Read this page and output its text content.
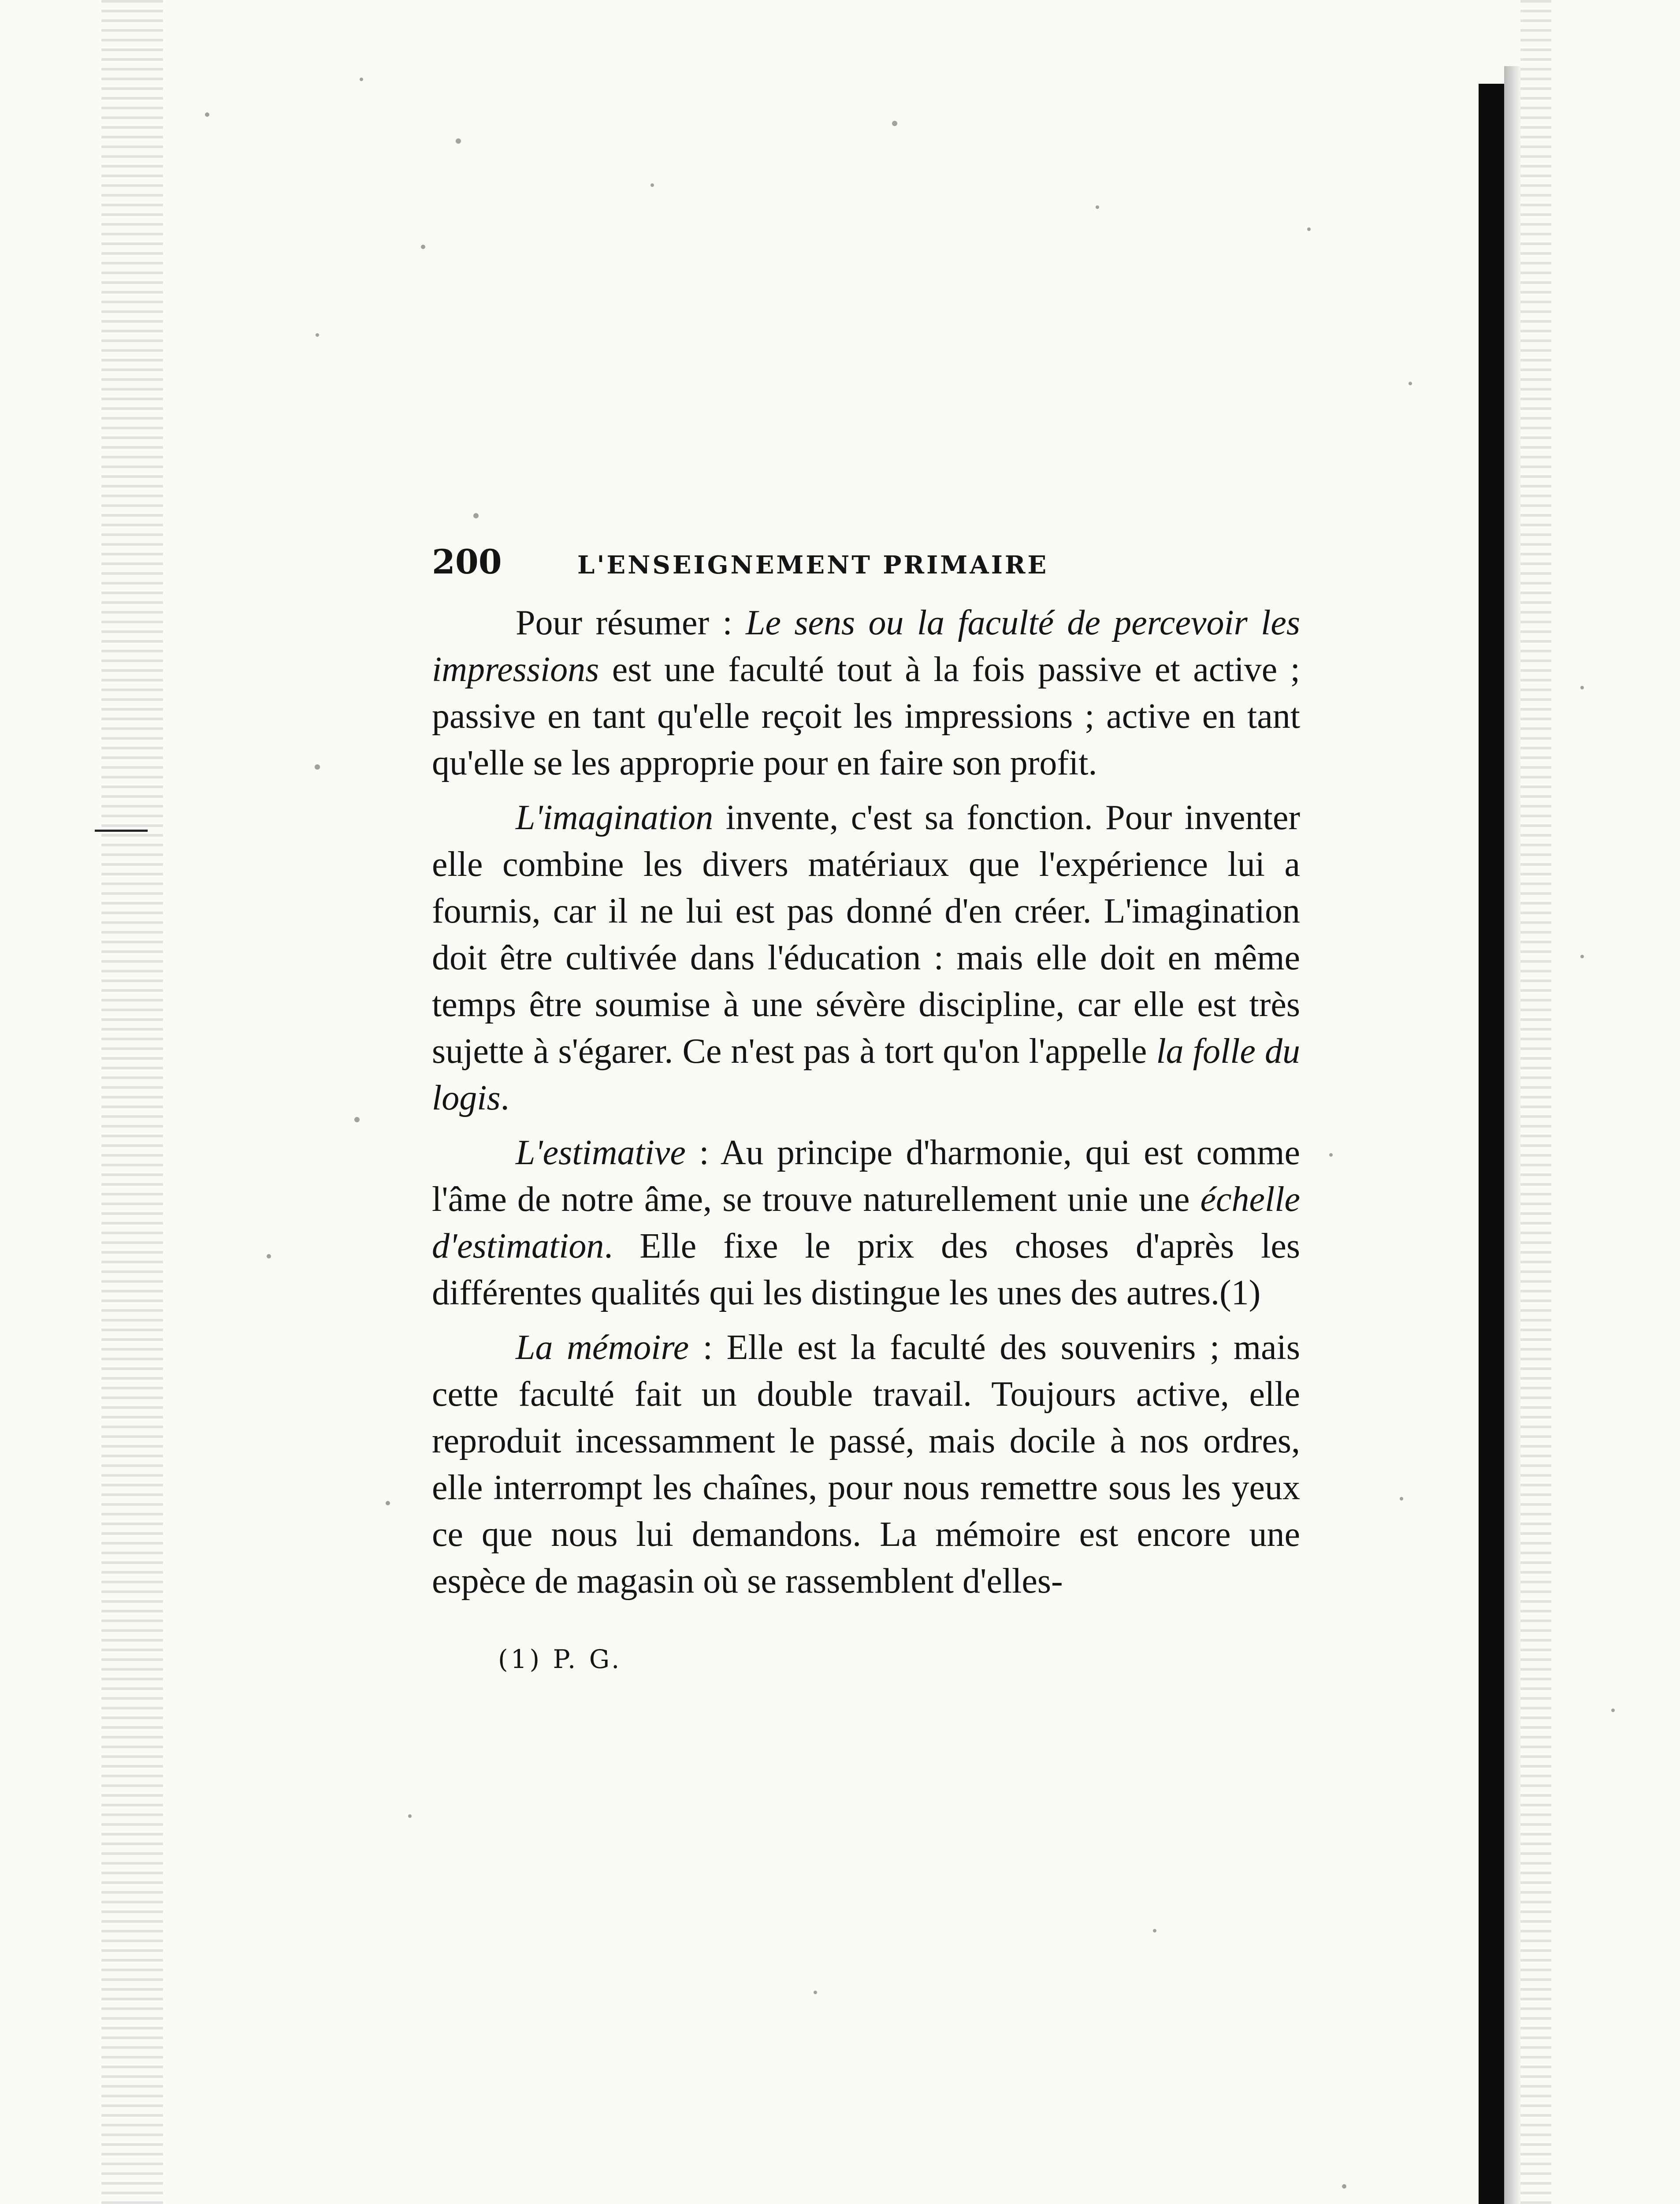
200	L'ENSEIGNEMENT PRIMAIRE

Pour résumer : Le sens ou la faculté de percevoir les impressions est une faculté tout à la fois passive et active ; passive en tant qu'elle reçoit les impressions ; active en tant qu'elle se les approprie pour en faire son profit.

L'imagination invente, c'est sa fonction. Pour inventer elle combine les divers matériaux que l'expérience lui a fournis, car il ne lui est pas donné d'en créer. L'imagination doit être cultivée dans l'éducation : mais elle doit en même temps être soumise à une sévère discipline, car elle est très sujette à s'égarer. Ce n'est pas à tort qu'on l'appelle la folle du logis.

L'estimative : Au principe d'harmonie, qui est comme l'âme de notre âme, se trouve naturellement unie une échelle d'estimation. Elle fixe le prix des choses d'après les différentes qualités qui les distingue les unes des autres.(1)

La mémoire : Elle est la faculté des souvenirs ; mais cette faculté fait un double travail. Toujours active, elle reproduit incessamment le passé, mais docile à nos ordres, elle interrompt les chaînes, pour nous remettre sous les yeux ce que nous lui demandons. La mémoire est encore une espèce de magasin où se rassemblent d'elles-

(1) P. G.
